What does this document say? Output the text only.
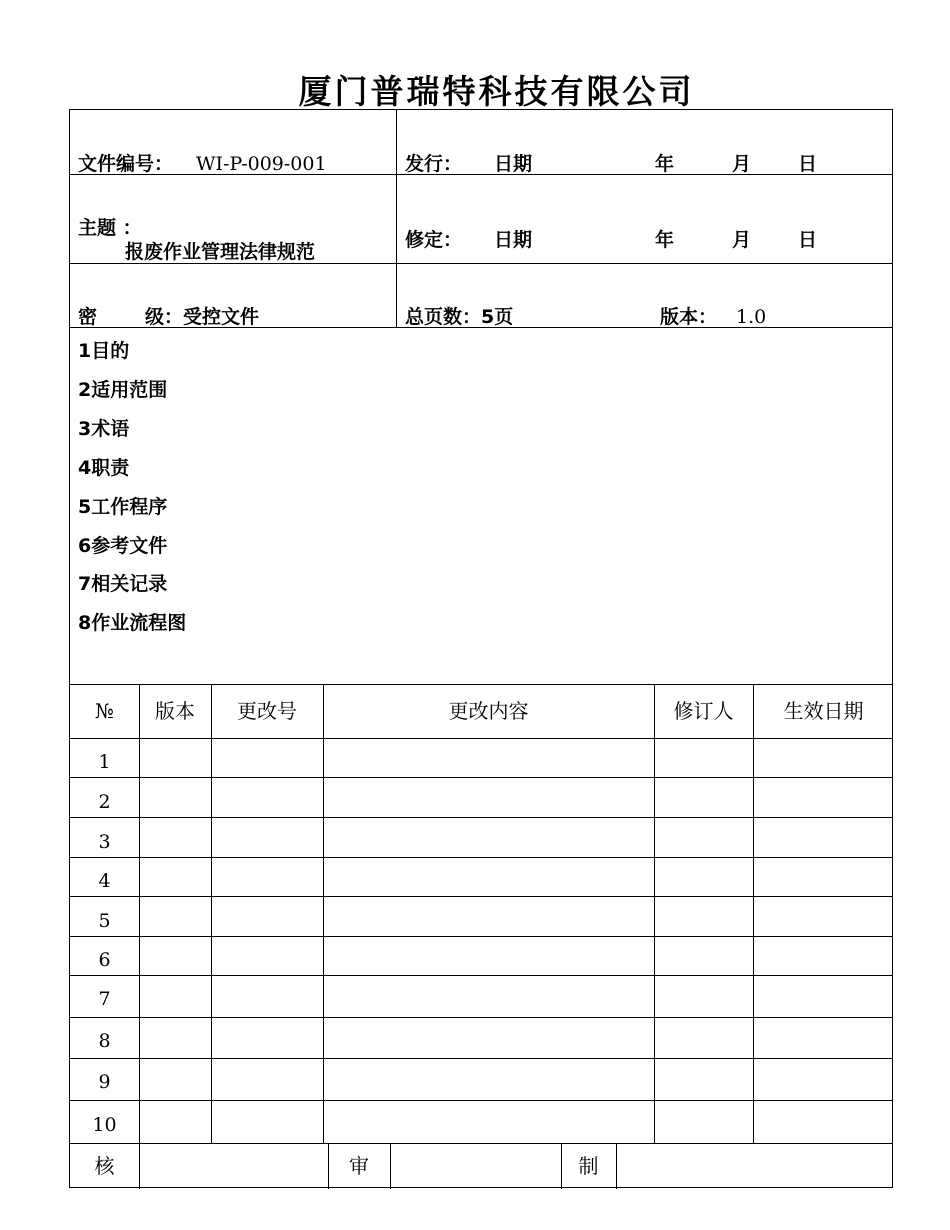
厦门普瑞特科技有限公司
文件编号： WI-P-009-001	发行： 日期	年	月 日
主题 ：
报废作业管理法律规范
修定： 日期	年	月 日
密	级：受控文件	总页数：5页	版本： 1.0
1目的
2适用范围
3术语
4职责
5工作程序
6参考文件
7相关记录
8作业流程图
№	版本	更改号	更改内容	修订人	生效日期
1
2
3
4
5
6
7
8
9
10
核	审	制
